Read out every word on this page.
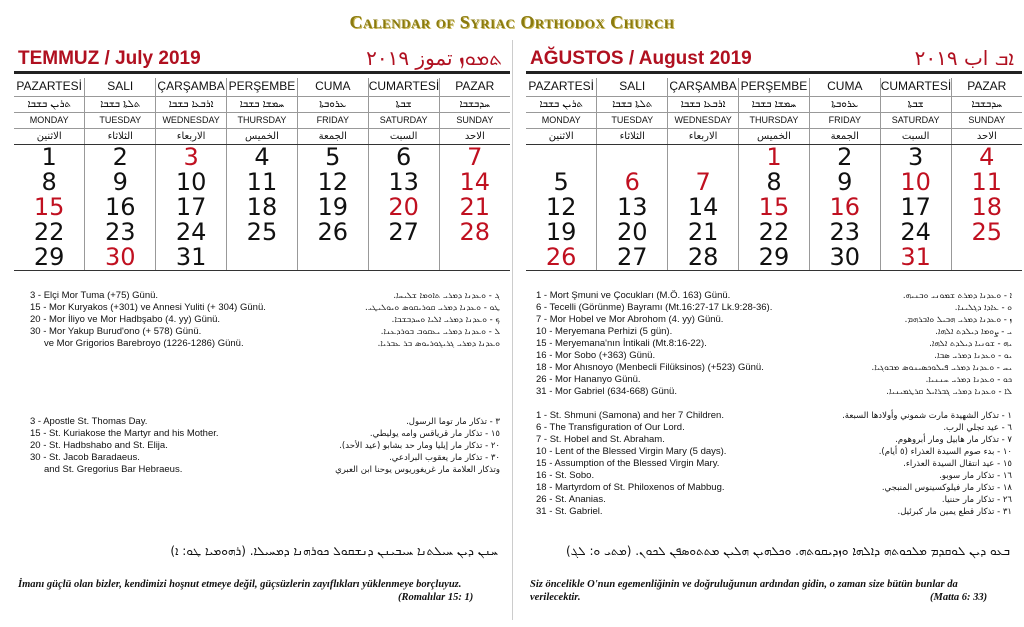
Calendar of Syriac Orthodox Church
TEMMUZ / July 2019	ܬܡܘܙ تموز ٢٠١٩
PAZARTESİ	SALI	ÇARŞAMBA	PERŞEMBE	CUMA	CUMARTESİ	PAZAR
ܬܪܝܢ ܒܫܒܐ	ܬܠܬܐ ܒܫܒܐ	ܐܪܒܥܐ ܒܫܒܐ	ܚܡܫܐ ܒܫܒܐ	ܥܪܘܒܬܐ	ܫܒܬܐ	ܚܕܒܫܒܐ
MONDAY	TUESDAY	WEDNESDAY	THURSDAY	FRIDAY	SATURDAY	SUNDAY
الاثنين	الثلاثاء	الاربعاء	الخميس	الجمعة	السبت	الاحد
1	2	3	4	5	6	7
8	9	10	11	12	13	14
15	16	17	18	19	20	21
22	23	24	25	26	27	28
29	30	31				
AĞUSTOS / August 2019	ܐܒ اب ٢٠١٩
PAZARTESİ	SALI	ÇARŞAMBA	PERŞEMBE	CUMA	CUMARTESİ	PAZAR
ܬܪܝܢ ܒܫܒܐ	ܬܠܬܐ ܒܫܒܐ	ܐܪܒܥܐ ܒܫܒܐ	ܚܡܫܐ ܒܫܒܐ	ܥܪܘܒܬܐ	ܫܒܬܐ	ܚܕܒܫܒܐ
MONDAY	TUESDAY	WEDNESDAY	THURSDAY	FRIDAY	SATURDAY	SUNDAY
الاثنين	الثلاثاء	الاربعاء	الخميس	الجمعة	السبت	الاحد
			1	2	3	4
5	6	7	8	9	10	11
12	13	14	15	16	17	18
19	20	21	22	23	24	25
26	27	28	29	30	31	
3 - Elçi Mor Tuma (+75) Günü.
15 - Mor Kuryakos (+301) ve Annesi Yuliti (+ 304) Günü.
20 - Mor İliyo ve Mor Hadbşabo (4. yy) Günü.
30 - Mor Yakup Burud'ono (+ 578) Günü.
ve Mor Grigorios Barebroyo (1226-1286) Günü.
ܓ - ܘܥܕܢܐ ܕܡܪܝ ܬܐܘܡܐ ܫܠܝܚܐ.
ܛܘ - ܘܥܕܢܐ ܕܡܪܝ ܩܘܪܝܩܘܣ ܘܝܘܠܝܛܝ.
ܟ - ܘܥܕܢܐ ܕܡܪܝ ܐܠܝܐ ܘܚܕܒܫܒܐ.
ܠ - ܘܥܕܢܐ ܕܡܪܝ ܝܥܩܘܒ ܒܘܪܕܥܢܐ.
ܘܥܕܢܐ ܕܡܪܝ ܓܪܝܓܘܪܝܘܣ ܒܪ ܥܒܪܝܐ.
3 - Apostle St. Thomas Day.
15 - St. Kuriakose the Martyr and his Mother.
20 - St. Hadbshabo and St. Elija.
30 - St. Jacob Baradaeus.
and St. Gregorius Bar Hebraeus.
٣ - تذكار مار توما الرسول.
١٥ - تذكار مار قرياقس وامه يوليطي.
٢٠ - تذكار مار إيليا ومار حد بشابو (عيد الأحد).
٣٠ - تذكار مار يعقوب البرادعي.
وتذكار العلامة مار غريغوريوس يوحنا ابن العبري
1 - Mort Şmuni ve Çocukları (M.Ö. 163) Günü.
6 - Tecelli (Görünme) Bayramı (Mt.16:27-17 Lk.9:28-36).
7 - Mor Hobel ve Mor Abrohom (4. yy) Günü.
10 - Meryemana Perhizi (5 gün).
15 - Meryemana'nın İntikali (Mt.8:16-22).
16 - Mor Sobo (+363) Günü.
18 - Mor Ahısnoyo (Menbecli Filüksinos) (+523) Günü.
26 - Mor Hananyo Günü.
31 - Mor Gabriel (634-668) Günü.
ܐ - ܘܥܕܢܐ ܕܡܪܬ ܫܡܘܢܝ ܘܒܢܝܗ.
ܘ - ܥܐܕܐ ܕܓܠܝܢܐ.
ܙ - ܘܥܕܢܐ ܕܡܪܝ ܗܒܝܠ ܘܐܒܪܗܡ.
ܝ - ܨܘܡܐ ܕܝܠܕܬ ܐܠܗܐ.
ܝܗ - ܫܘܢܝܐ ܕܝܠܕܬ ܐܠܗܐ.
ܝܘ - ܘܥܕܢܐ ܕܡܪܝ ܣܒܐ.
ܝܚ - ܘܥܕܢܐ ܕܡܪܝ ܦܝܠܘܟܣܝܢܘܣ ܡܒܘܓܝܐ.
ܟܘ - ܘܥܕܢܐ ܕܡܪܝ ܚܢܢܝܐ.
ܠܐ - ܘܥܕܢܐ ܕܡܪܝ ܓܒܪܐܝܠ ܩܪܛܡܝܢܝܐ.
1 - St. Shmuni (Samona) and her 7 Children.
6 - The Transfiguration of Our Lord.
7 - St. Hobel and St. Abraham.
10 - Lent of the Blessed Virgin Mary (5 days).
15 - Assumption of the Blessed Virgin Mary.
16 - St. Sobo.
18 - Martyrdom of St. Philoxenos of Mabbug.
26 - St. Ananias.
31 - St. Gabriel.
١ - تذكار الشهيدة مارت شموني وأولادها السبعة.
٦ - عيد تجلي الرب.
٧ - تذكار مار هابيل ومار أبروهوم.
١٠ - بدء صوم السيدة العذراء (٥ أيام).
١٥ - عيد انتقال السيدة العذراء.
١٦ - تذكار مار سوبو.
١٨ - تذكار مار فيلوكسينوس المنبجي.
٢٦ - تذكار مار حننيا.
٣١ - تذكار قطع يمين مار كبرئيل.
ܚܢܢ ܕܝܢ ܚܝܠܬܢܐ ܚܝܒܝܢܢ ܕܢܫܩܘܠ ܟܘܪܗܢܐ ܕܡܚܝܠܐ. (ܪܗܘܡܝܐ ܛܘ: ܐ)
İmanı güçlü olan bizler, kendimizi hoşnut etmeye değil, güçsüzlerin zayıflıkları yüklenmeye borçluyuz.
(Romalılar 15: 1)
ܒܥܘ ܕܝܢ ܠܘܩܕܡ ܡܠܟܘܬܗ ܕܐܠܗܐ ܘܙܕܝܩܘܬܗ. ܘܟܠܗܝܢ ܗܠܝܢ ܡܬܬܘܣܦܢ ܠܟܘܢ. (ܡܬܝ ܘ: ܠܓ)
Siz öncelikle O'nun egemenliğinin ve doğruluğunun ardından gidin, o zaman size bütün bunlar da verilecektir.	(Matta 6: 33)
